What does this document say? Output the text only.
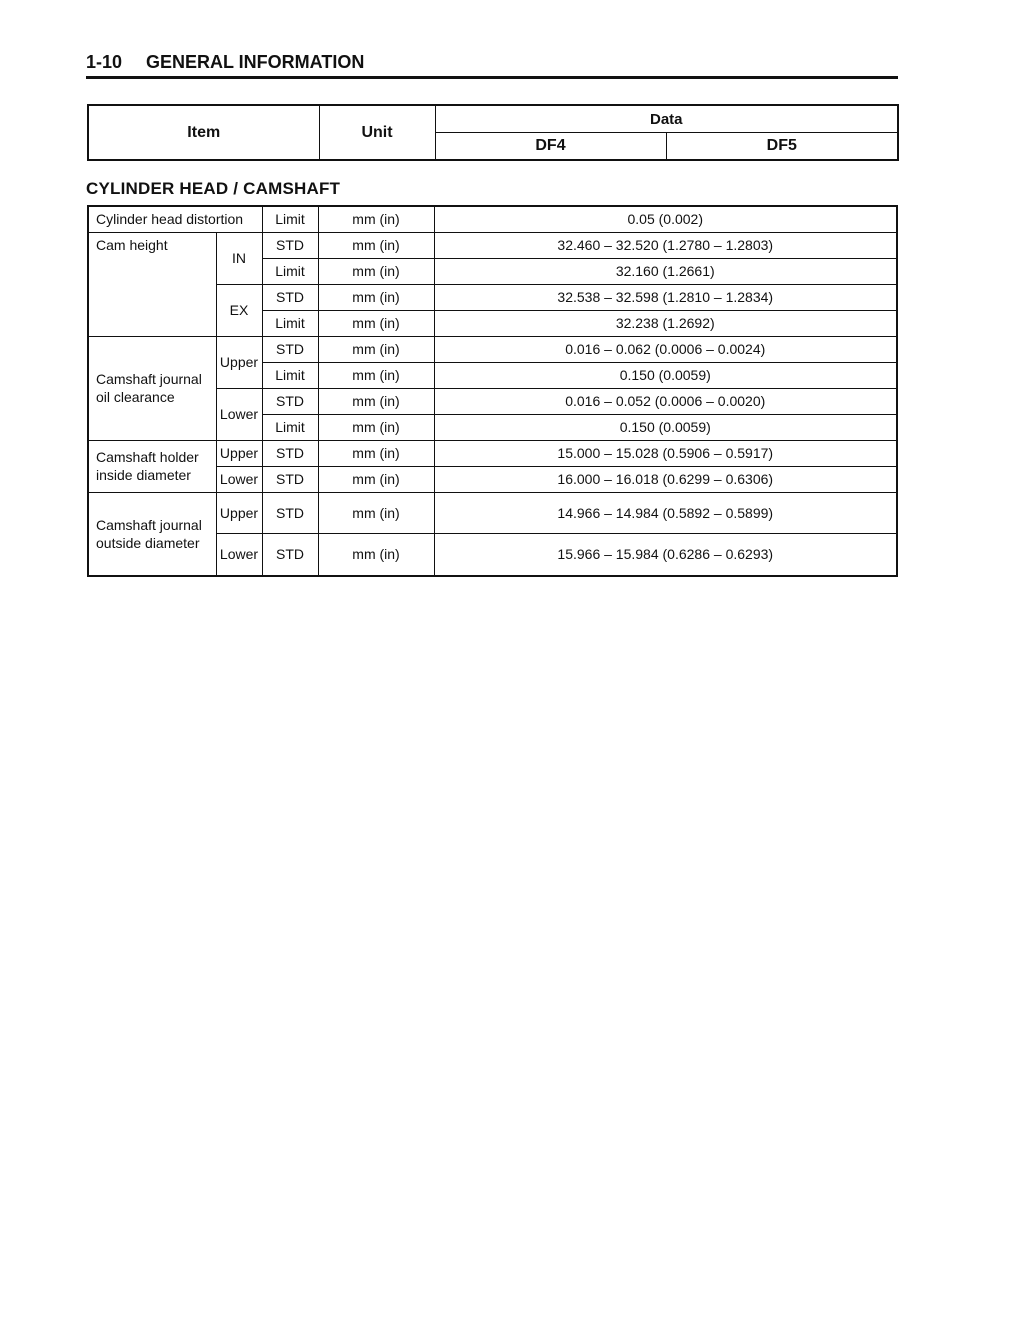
1-10 GENERAL INFORMATION
Item	Unit	Data	
		DF4	DF5
CYLINDER HEAD / CAMSHAFT
Cylinder head distortion		Limit	mm (in)	0.05 (0.002)
Cam height	IN	STD	mm (in)	32.460 – 32.520 (1.2780 – 1.2803)
		Limit	mm (in)	32.160 (1.2661)
	EX	STD	mm (in)	32.538 – 32.598 (1.2810 – 1.2834)
		Limit	mm (in)	32.238 (1.2692)
Camshaft journal oil clearance	Upper	STD	mm (in)	0.016 – 0.062 (0.0006 – 0.0024)
		Limit	mm (in)	0.150 (0.0059)
	Lower	STD	mm (in)	0.016 – 0.052 (0.0006 – 0.0020)
		Limit	mm (in)	0.150 (0.0059)
Camshaft holder inside diameter	Upper	STD	mm (in)	15.000 – 15.028 (0.5906 – 0.5917)
	Lower	STD	mm (in)	16.000 – 16.018 (0.6299 – 0.6306)
Camshaft journal outside diameter	Upper	STD	mm (in)	14.966 – 14.984 (0.5892 – 0.5899)
	Lower	STD	mm (in)	15.966 – 15.984 (0.6286 – 0.6293)
